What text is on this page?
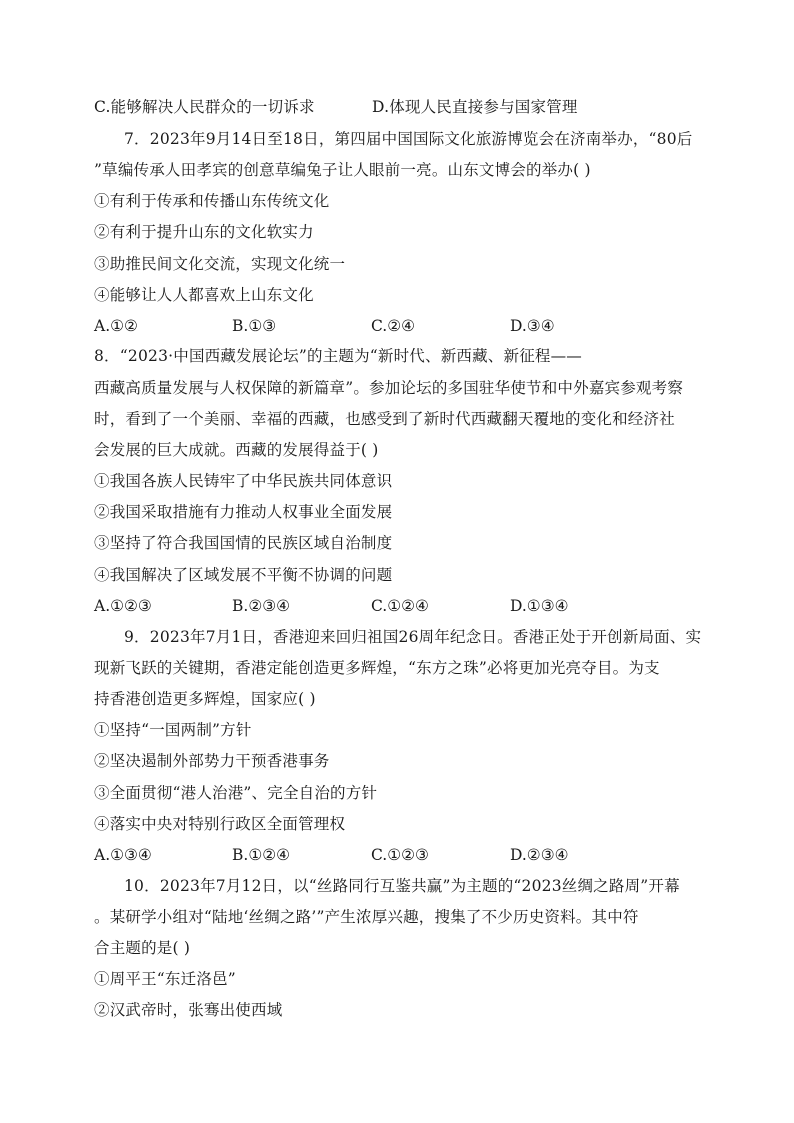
C.能够解决人民群众的一切诉求	D.体现人民直接参与国家管理
7．2023年9月14日至18日，第四届中国国际文化旅游博览会在济南举办，“80后
”草编传承人田孝宾的创意草编兔子让人眼前一亮。山东文博会的举办( )
①有利于传承和传播山东传统文化
②有利于提升山东的文化软实力
③助推民间文化交流，实现文化统一
④能够让人人都喜欢上山东文化
A.①②	B.①③	C.②④	D.③④
8．“2023·中国西藏发展论坛”的主题为“新时代、新西藏、新征程——
西藏高质量发展与人权保障的新篇章”。参加论坛的多国驻华使节和中外嘉宾参观考察
时，看到了一个美丽、幸福的西藏，也感受到了新时代西藏翻天覆地的变化和经济社
会发展的巨大成就。西藏的发展得益于( )
①我国各族人民铸牢了中华民族共同体意识
②我国采取措施有力推动人权事业全面发展
③坚持了符合我国国情的民族区域自治制度
④我国解决了区域发展不平衡不协调的问题
A.①②③	B.②③④	C.①②④	D.①③④
9．2023年7月1日，香港迎来回归祖国26周年纪念日。香港正处于开创新局面、实
现新飞跃的关键期，香港定能创造更多辉煌，“东方之珠”必将更加光亮夺目。为支
持香港创造更多辉煌，国家应( )
①坚持“一国两制”方针
②坚决遏制外部势力干预香港事务
③全面贯彻“港人治港”、完全自治的方针
④落实中央对特别行政区全面管理权
A.①③④	B.①②④	C.①②③	D.②③④
10．2023年7月12日，以“丝路同行互鉴共赢”为主题的“2023丝绸之路周”开幕
。某研学小组对“陆地‘丝绸之路’”产生浓厚兴趣，搜集了不少历史资料。其中符
合主题的是( )
①周平王“东迁洛邑”
②汉武帝时，张骞出使西域
